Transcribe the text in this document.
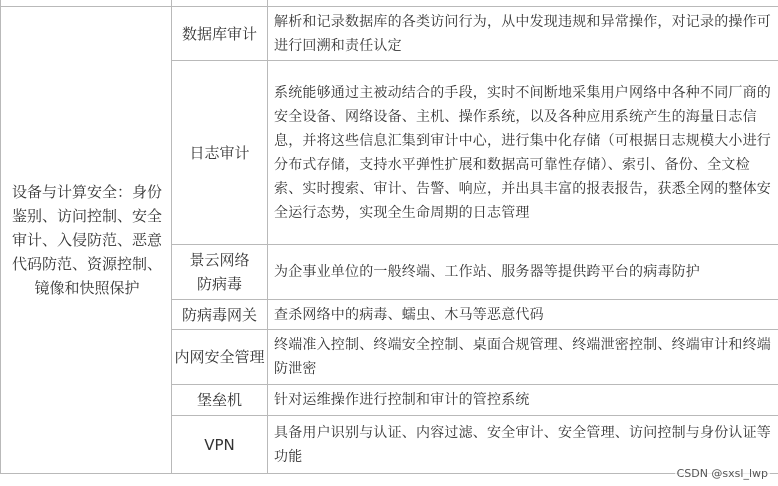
设备与计算安全：身份鉴别、访问控制、安全审计、入侵防范、恶意代码防范、资源控制、镜像和快照保护	数据库审计	解析和记录数据库的各类访问行为，从中发现违规和异常操作，对记录的操作可进行回溯和责任认定
	日志审计	系统能够通过主被动结合的手段，实时不间断地采集用户网络中各种不同厂商的安全设备、网络设备、主机、操作系统，以及各种应用系统产生的海量日志信息，并将这些信息汇集到审计中心，进行集中化存储（可根据日志规模大小进行分布式存储，支持水平弹性扩展和数据高可靠性存储）、索引、备份、全文检索、实时搜索、审计、告警、响应，并出具丰富的报表报告，获悉全网的整体安全运行态势，实现全生命周期的日志管理
	景云网络防病毒	为企事业单位的一般终端、工作站、服务器等提供跨平台的病毒防护
	防病毒网关	查杀网络中的病毒、蠕虫、木马等恶意代码
	内网安全管理	终端准入控制、终端安全控制、桌面合规管理、终端泄密控制、终端审计和终端防泄密
	堡垒机	针对运维操作进行控制和审计的管控系统
	VPN	具备用户识别与认证、内容过滤、安全审计、安全管理、访问控制与身份认证等功能
CSDN @sxsl_lwp
